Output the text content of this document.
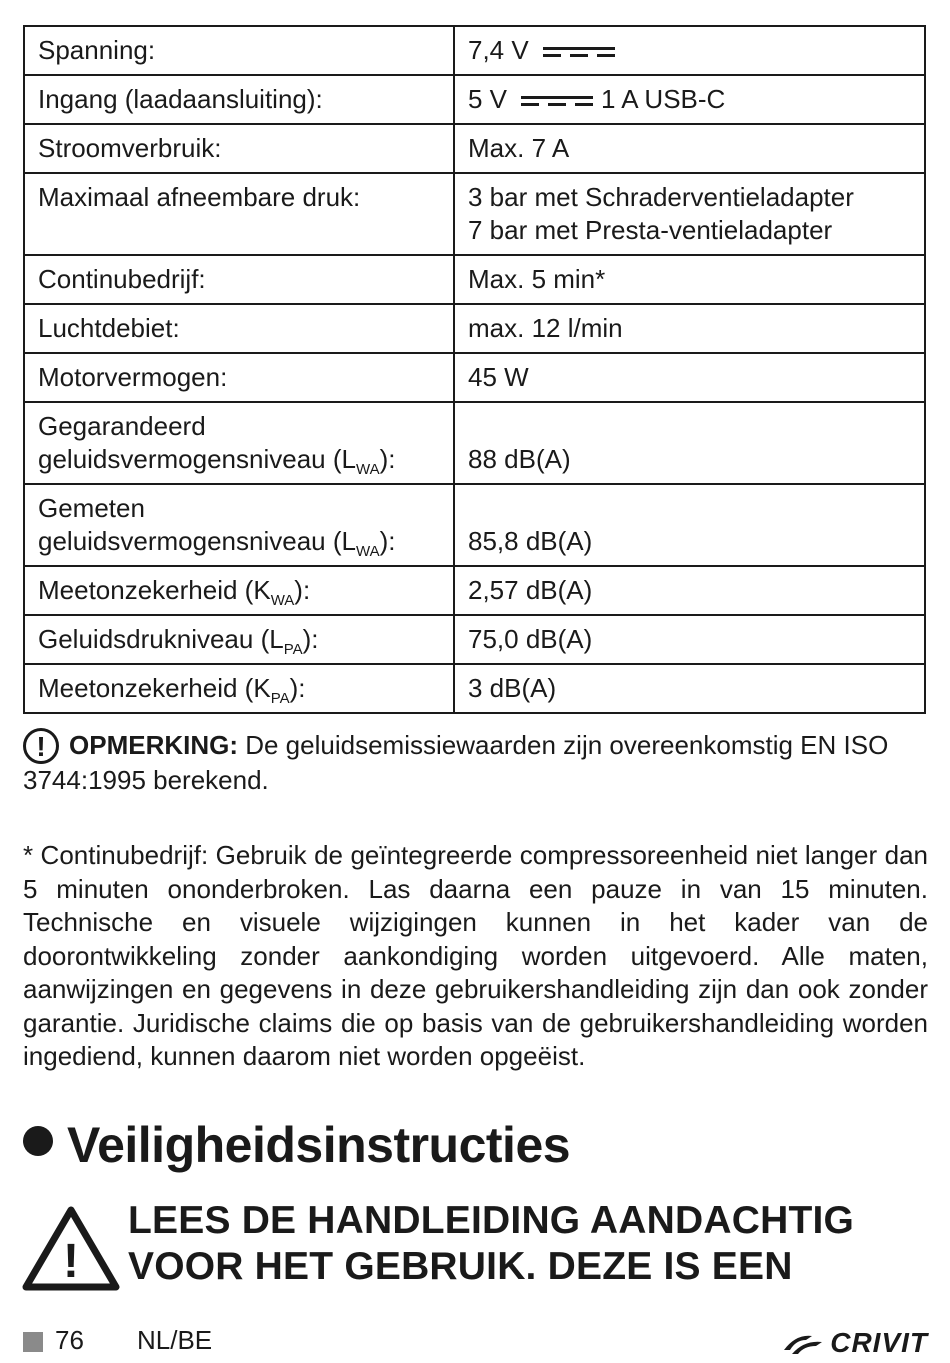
Spanning:	7,4 V
Ingang (laadaansluiting):	5 V 1 A USB-C
Stroomverbruik:	Max. 7 A
Maximaal afneembare druk:	3 bar met Schraderventieladapter
7 bar met Presta-ventieladapter

Continubedrijf:	Max. 5 min*
Luchtdebiet:	max. 12 l/min
Motorvermogen:	45 W

Gegarandeerd
geluidsvermogensniveau $(L_{WA})$:	88 dB(A)

Gemeten
geluidsvermogensniveau $(L_{WA})$:	85,8 dB(A)
Meetonzekerheid $(K_{WA})$:	2,57 dB(A)
Geluidsdrukniveau $(L_{PA})$:	75,0 dB(A)
Meetonzekerheid $(K_{PA})$:	3 dB(A)
! OPMERKING: De geluidsemissiewaarden zijn overeenkomstig EN ISO 3744:1995 berekend.
* Continubedrijf: Gebruik de geïntegreerde compressoreenheid niet langer dan 5 minuten ononderbroken. Las daarna een pauze in van 15 minuten. Technische en visuele wijzigingen kunnen in het kader van de doorontwikkeling zonder aankondiging worden uitgevoerd. Alle maten, aanwijzingen en gegevens in deze gebruikershandleiding zijn dan ook zonder garantie. Juridische claims die op basis van de gebruikershandleiding worden ingediend, kunnen daarom niet worden opgeëist.
Veiligheidsinstructies
!
LEES DE HANDLEIDING AANDACHTIG
VOOR HET GEBRUIK. DEZE IS EEN
76 NL/BE	CRIVIT
